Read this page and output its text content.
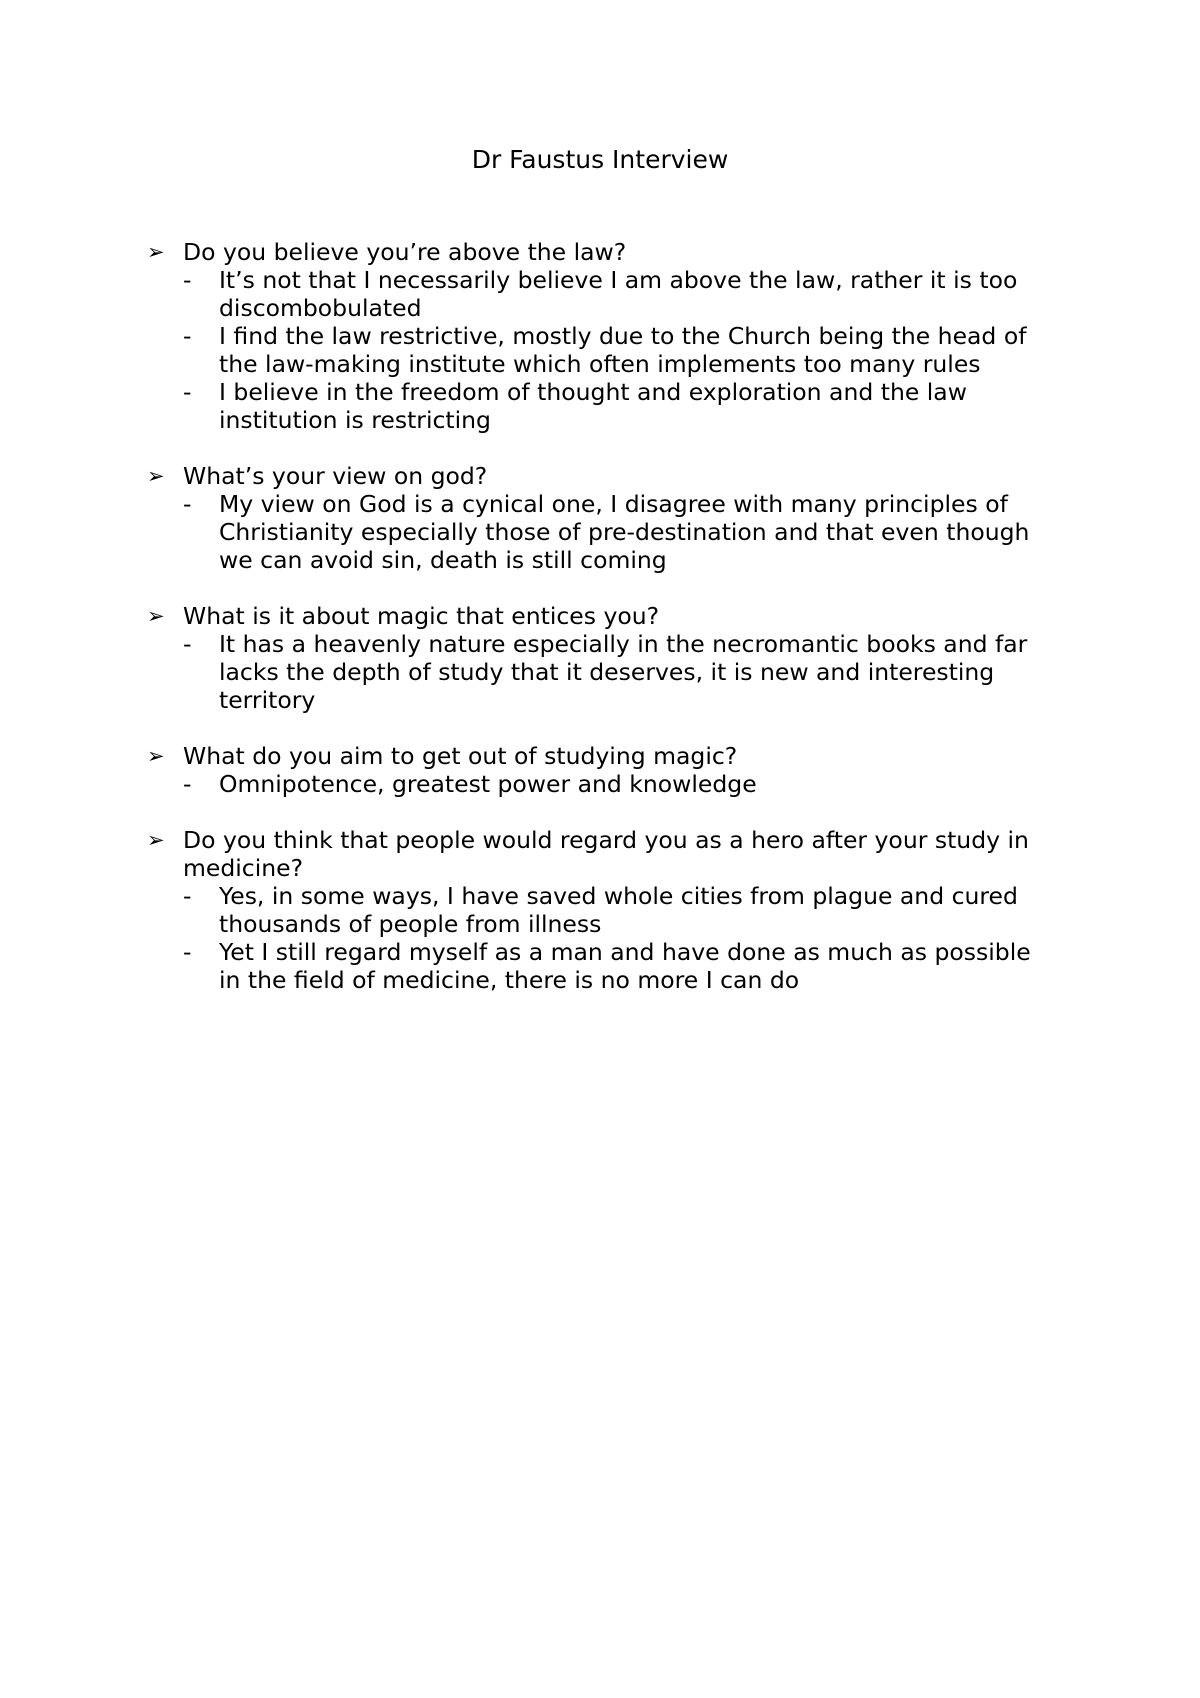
Dr Faustus Interview
➢ Do you believe you’re above the law?
-	It’s not that I necessarily believe I am above the law, rather it is too discombobulated
-	I find the law restrictive, mostly due to the Church being the head of the law-making institute which often implements too many rules
-	I believe in the freedom of thought and exploration and the law institution is restricting
➢ What’s your view on god?
-	My view on God is a cynical one, I disagree with many principles of Christianity especially those of pre-destination and that even though we can avoid sin, death is still coming
➢ What is it about magic that entices you?
-	It has a heavenly nature especially in the necromantic books and far lacks the depth of study that it deserves, it is new and interesting territory
➢ What do you aim to get out of studying magic?
-	Omnipotence, greatest power and knowledge
➢ Do you think that people would regard you as a hero after your study in medicine?
-	Yes, in some ways, I have saved whole cities from plague and cured thousands of people from illness
-	Yet I still regard myself as a man and have done as much as possible in the field of medicine, there is no more I can do
